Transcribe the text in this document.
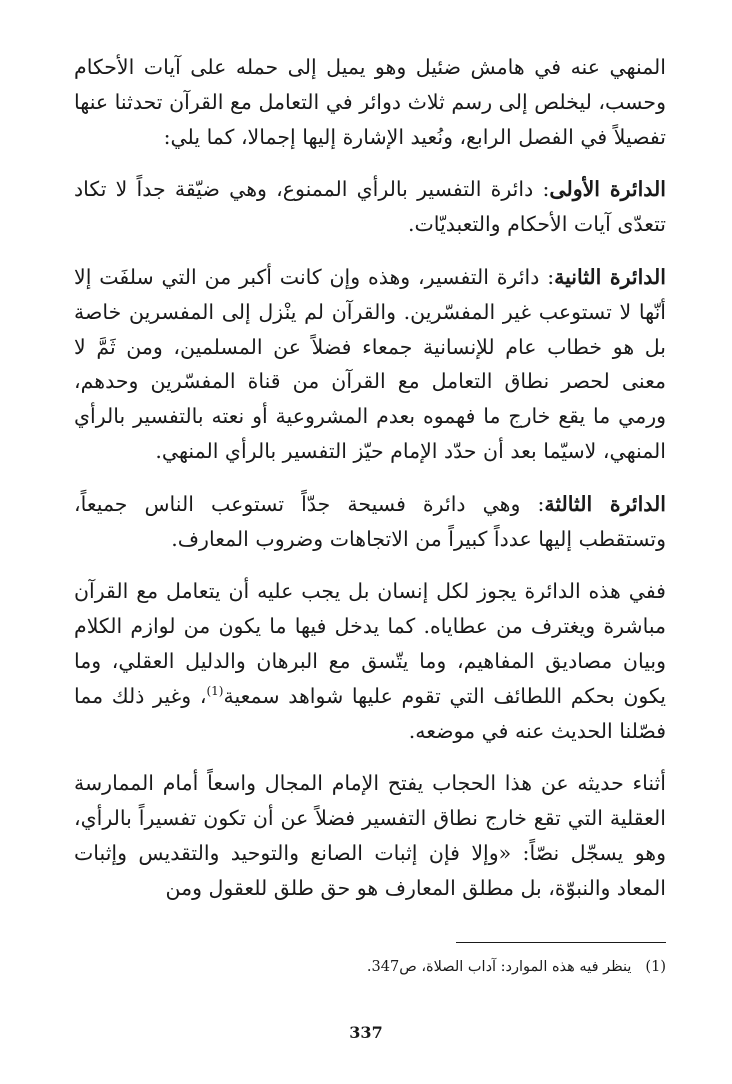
المنهي عنه في هامش ضئيل وهو يميل إلى حمله على آيات الأحكام وحسب، ليخلص إلى رسم ثلاث دوائر في التعامل مع القرآن تحدثنا عنها تفصيلاً في الفصل الرابع، ونُعيد الإشارة إليها إجمالا، كما يلي:

الدائرة الأولى: دائرة التفسير بالرأي الممنوع، وهي ضيّقة جداً لا تكاد تتعدّى آيات الأحكام والتعبديّات.

الدائرة الثانية: دائرة التفسير، وهذه وإن كانت أكبر من التي سلفَت إلا أنّها لا تستوعب غير المفسّرين. والقرآن لم ينْزل إلى المفسرين خاصة بل هو خطاب عام للإنسانية جمعاء فضلاً عن المسلمين، ومن ثَمَّ لا معنى لحصر نطاق التعامل مع القرآن من قناة المفسّرين وحدهم، ورمي ما يقع خارج ما فهموه بعدم المشروعية أو نعته بالتفسير بالرأي المنهي، لاسيّما بعد أن حدّد الإمام حيّز التفسير بالرأي المنهي.

الدائرة الثالثة: وهي دائرة فسيحة جدّاً تستوعب الناس جميعاً، وتستقطب إليها عدداً كبيراً من الاتجاهات وضروب المعارف.

ففي هذه الدائرة يجوز لكل إنسان بل يجب عليه أن يتعامل مع القرآن مباشرة ويغترف من عطاياه. كما يدخل فيها ما يكون من لوازم الكلام وبيان مصاديق المفاهيم، وما يتّسق مع البرهان والدليل العقلي، وما يكون بحكم اللطائف التي تقوم عليها شواهد سمعية$^{(1)}$، وغير ذلك مما فصّلنا الحديث عنه في موضعه.

أثناء حديثه عن هذا الحجاب يفتح الإمام المجال واسعاً أمام الممارسة العقلية التي تقع خارج نطاق التفسير فضلاً عن أن تكون تفسيراً بالرأي، وهو يسجّل نصّاً: «وإلا فإن إثبات الصانع والتوحيد والتقديس وإثبات المعاد والنبوّة، بل مطلق المعارف هو حق طلق للعقول ومن

(1)ينظر فيه هذه الموارد: آداب الصلاة، ص347.
337
